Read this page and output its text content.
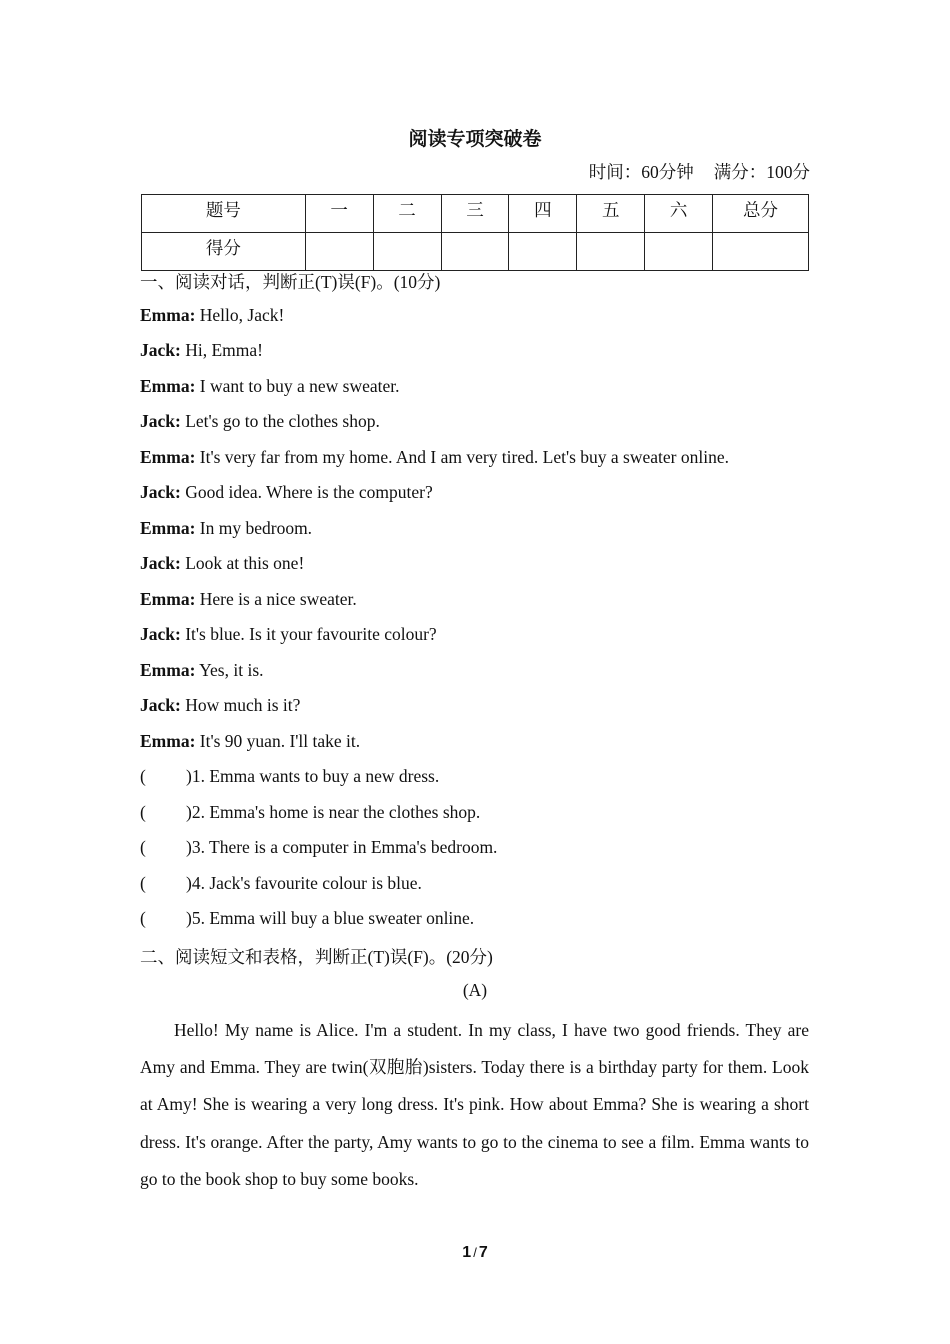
阅读专项突破卷
时间：60分钟 满分：100分
题号	一	二	三	四	五	六	总分
得分							
一、阅读对话，判断正(T)误(F)。(10分)
Emma: Hello, Jack!
Jack: Hi, Emma!
Emma: I want to buy a new sweater.
Jack: Let's go to the clothes shop.
Emma: It's very far from my home. And I am very tired. Let's buy a sweater online.
Jack: Good idea. Where is the computer?
Emma: In my bedroom.
Jack: Look at this one!
Emma: Here is a nice sweater.
Jack: It's blue. Is it your favourite colour?
Emma: Yes, it is.
Jack: How much is it?
Emma: It's 90 yuan. I'll take it.
( )1. Emma wants to buy a new dress.
( )2. Emma's home is near the clothes shop.
( )3. There is a computer in Emma's bedroom.
( )4. Jack's favourite colour is blue.
( )5. Emma will buy a blue sweater online.
二、阅读短文和表格，判断正(T)误(F)。(20分)
(A)

Hello! My name is Alice. I'm a student. In my class, I have two good friends. They are Amy and Emma. They are twin(双胞胎)sisters. Today there is a birthday party for them. Look at Amy! She is wearing a very long dress. It's pink. How about Emma? She is wearing a short dress. It's orange. After the party, Amy wants to go to the cinema to see a film. Emma wants to go to the book shop to buy some books.

1 / 7
